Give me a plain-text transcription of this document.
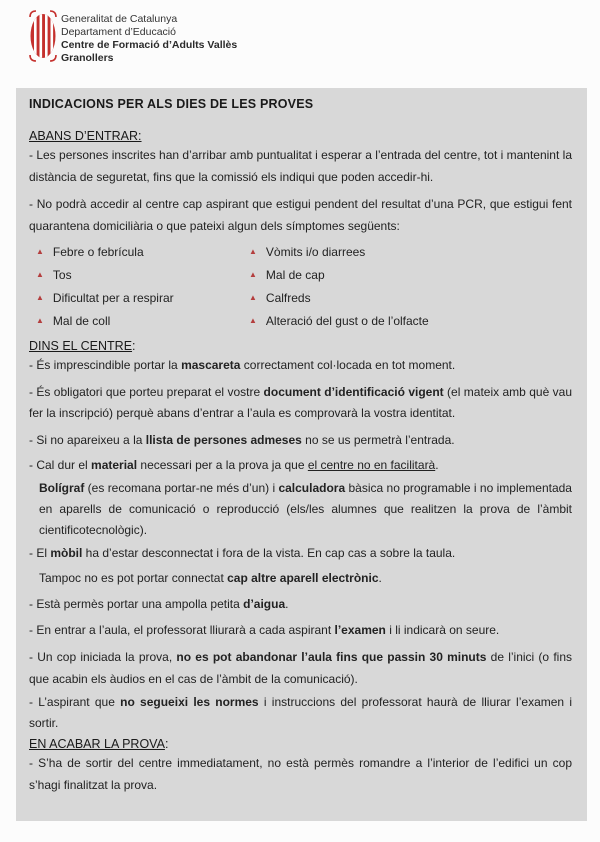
Generalitat de Catalunya
Departament d’Educació
Centre de Formació d’Adults Vallès
Granollers
INDICACIONS PER ALS DIES DE LES PROVES
ABANS D’ENTRAR:

- Les persones inscrites han d’arribar amb puntualitat i esperar a l’entrada del centre, tot i mantenint la distància de seguretat, fins que la comissió els indiqui que poden accedir-hi.

- No podrà accedir al centre cap aspirant que estigui pendent del resultat d’una PCR, que estigui fent quarantena domiciliària o que pateixi algun dels símptomes següents:

▲ Febre o febrícula
▲ Tos
▲ Dificultat per a respirar
▲ Mal de coll
▲ Vòmits i/o diarrees
▲ Mal de cap
▲ Calfreds
▲ Alteració del gust o de l’olfacte
DINS EL CENTRE:

- És imprescindible portar la mascareta correctament col·locada en tot moment.

- És obligatori que porteu preparat el vostre document d’identificació vigent (el mateix amb què vau fer la inscripció) perquè abans d’entrar a l’aula es comprovarà la vostra identitat.

- Si no apareixeu a la llista de persones admeses no se us permetrà l’entrada.

- Cal dur el material necessari per a la prova ja que el centre no en facilitarà.

Bolígraf (es recomana portar-ne més d’un) i calculadora bàsica no programable i no implementada en aparells de comunicació o reproducció (els/les alumnes que realitzen la prova de l’àmbit cientificotecnològic).

- El mòbil ha d’estar desconnectat i fora de la vista. En cap cas a sobre la taula.

Tampoc no es pot portar connectat cap altre aparell electrònic.

- Està permès portar una ampolla petita d’aigua.

- En entrar a l’aula, el professorat lliurarà a cada aspirant l’examen i li indicarà on seure.

- Un cop iniciada la prova, no es pot abandonar l’aula fins que passin 30 minuts de l’inici (o fins que acabin els àudios en el cas de l’àmbit de la comunicació).

- L’aspirant que no segueixi les normes i instruccions del professorat haurà de lliurar l’examen i sortir.

EN ACABAR LA PROVA:

- S’ha de sortir del centre immediatament, no està permès romandre a l’interior de l’edifici un cop s’hagi finalitzat la prova.
